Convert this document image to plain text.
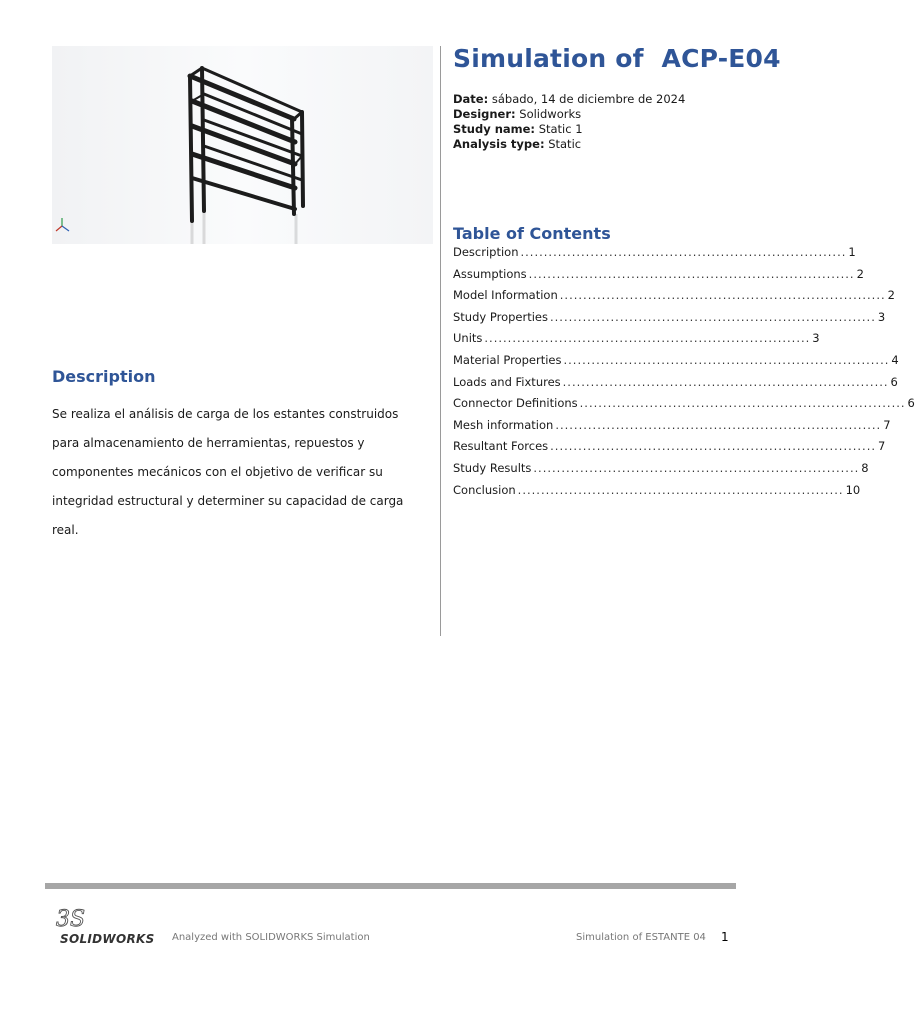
Simulation of  ACP-E04
Date: sábado, 14 de diciembre de 2024
Designer: Solidworks
Study name: Static 1
Analysis type: Static
Table of Contents
Description ...................................................................... 1
Assumptions ...................................................................... 2
Model Information ...................................................................... 2
Study Properties ...................................................................... 3
Units ...................................................................... 3
Material Properties ...................................................................... 4
Loads and Fixtures ...................................................................... 6
Connector Definitions ...................................................................... 6
Mesh information ...................................................................... 7
Resultant Forces ...................................................................... 7
Study Results ...................................................................... 8
Conclusion ...................................................................... 10
Description

Se realiza el análisis de carga de los estantes construidos para almacenamiento de herramientas, repuestos y componentes mecánicos con el objetivo de verificar su integridad estructural y determiner su capacidad de carga real.

3S
SOLIDWORKS Analyzed with SOLIDWORKS Simulation	Simulation of ESTANTE 04 1
